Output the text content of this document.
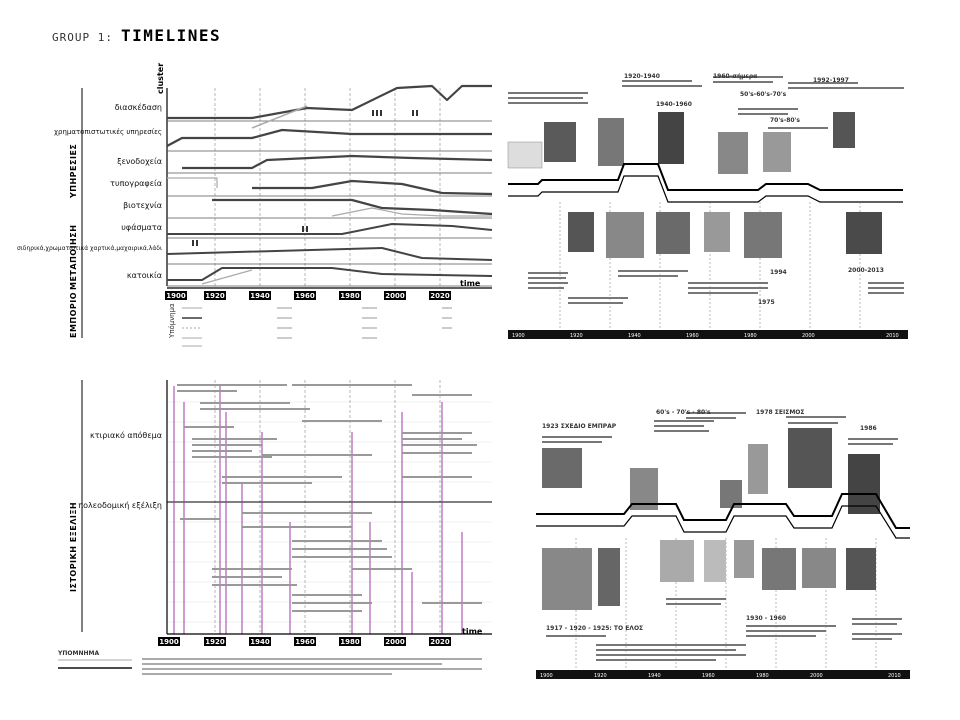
GROUP 1: TIMELINES
ΥΠΗΡΕΣΙΕΣ
ΜΕΤΑΠΟΙΗΣΗ
ΕΜΠΟΡΙΟ
cluster
διασκέδαση
χρηματοπιστωτικές υπηρεσίες
ξενοδοχεία
τυπογραφεία
βιοτεχνία
υφάσματα
σιδηρικά,χρωματιστικά χαρτικά,μαχαιρικά,λάδι
κατοικία
1900	1920	1940	1960	1980	2000	2020
time
Υπόμνημα
ΙΣΤΟΡΙΚΗ ΕΞΕΛΙΞΗ
κτιριακό απόθεμα
πολεοδομική εξέλιξη
1900	1920	1940	1960	1980	2000	2020
time
ΥΠΟΜΝΗΜΑ
1920-1940
1940-1960
1960-σήμερα
50's-60's-70's
70's-80's
1992-1997
1994
1975
2000-2013
1900	1920	1940	1960	1980	2000	2010
1923 ΣΧΕΔΙΟ ΕΜΠΡΑΡ
60's - 70's - 80's	1978 ΣΕΙΣΜΟΣ
1986
1917 - 1920 - 1925: ΤΟ ΕΛΟΣ
1930 - 1960
1900	1920	1940	1960	1980	2000	2010
